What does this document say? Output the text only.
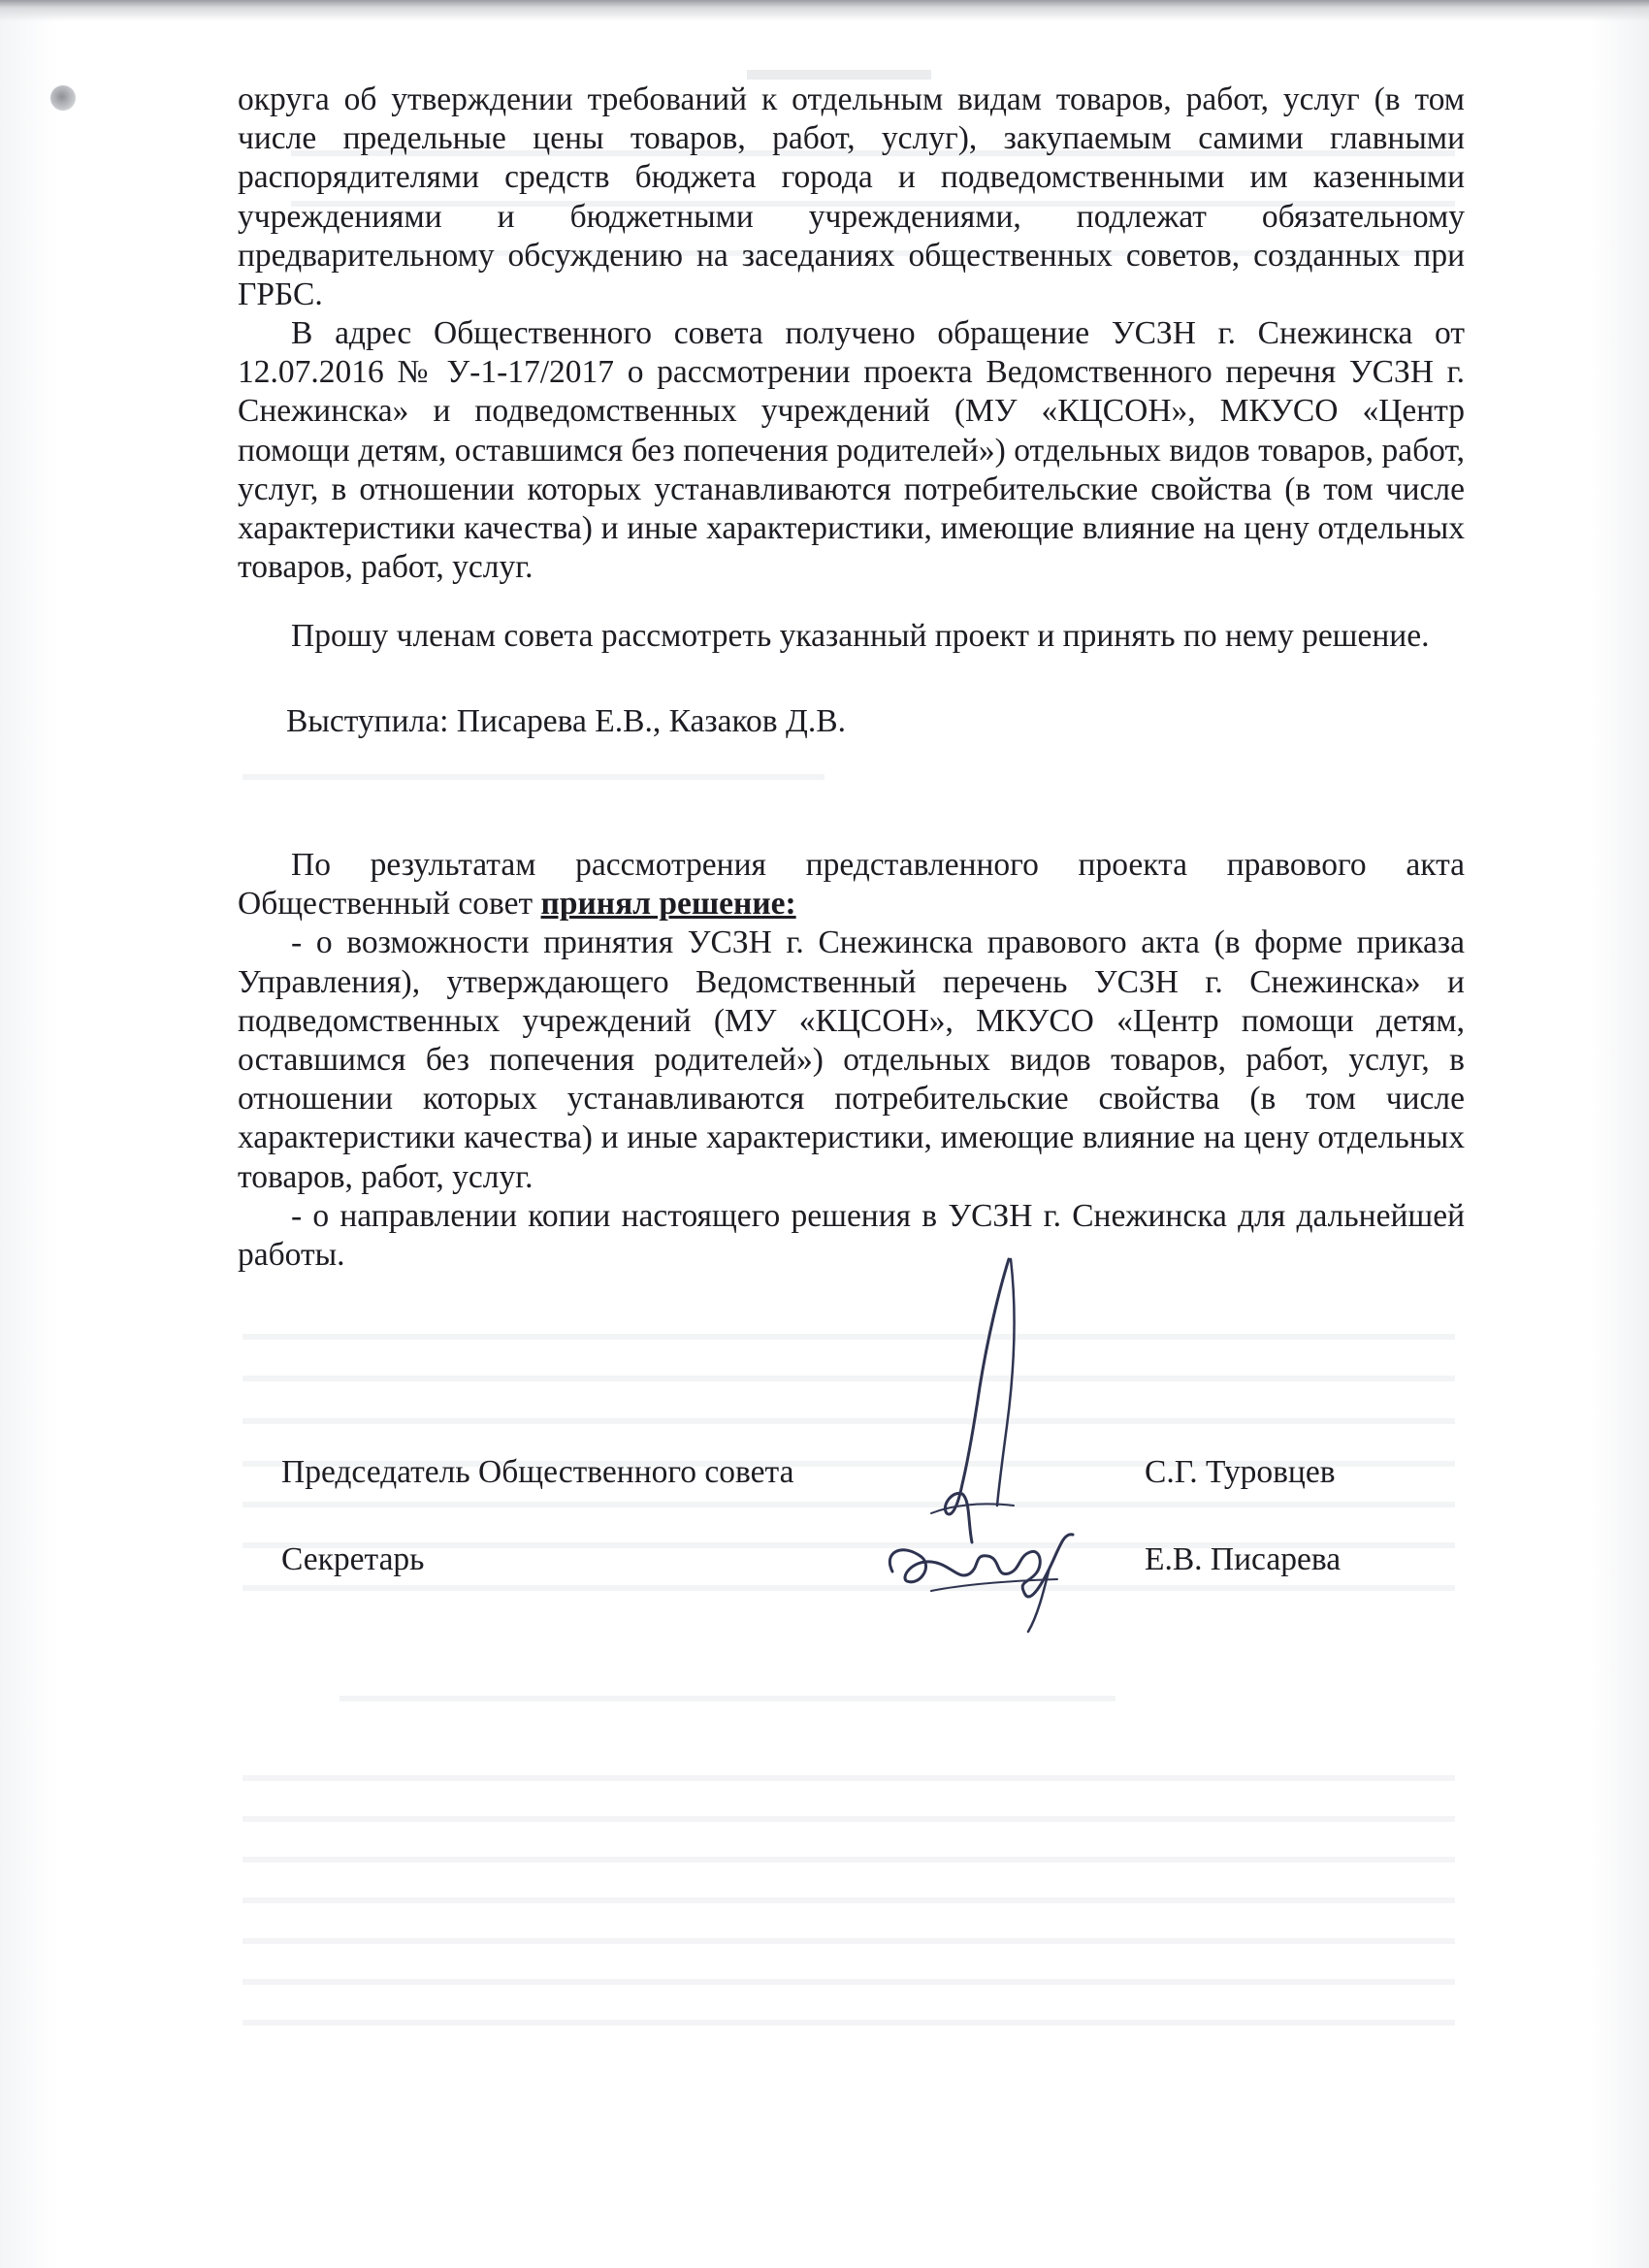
округа об утверждении требований к отдельным видам товаров, работ, услуг (в том числе предельные цены товаров, работ, услуг), закупаемым самими главными распорядителями средств бюджета города и подведомственными им казенными учреждениями и бюджетными учреждениями, подлежат обязательному предварительному обсуждению на заседаниях общественных советов, созданных при ГРБС.

В адрес Общественного совета получено обращение УСЗН г. Снежинска от 12.07.2016 № У-1-17/2017 о рассмотрении проекта Ведомственного перечня УСЗН г. Снежинска» и подведомственных учреждений (МУ «КЦСОН», МКУСО «Центр помощи детям, оставшимся без попечения родителей») отдельных видов товаров, работ, услуг, в отношении которых устанавливаются потребительские свойства (в том числе характеристики качества) и иные характеристики, имеющие влияние на цену отдельных товаров, работ, услуг.

Прошу членам совета рассмотреть указанный проект и принять по нему решение.

Выступила: Писарева Е.В., Казаков Д.В.

По результатам рассмотрения представленного проекта правового акта Общественный совет принял решение:

- о возможности принятия УСЗН г. Снежинска правового акта (в форме приказа Управления), утверждающего Ведомственный перечень УСЗН г. Снежинска» и подведомственных учреждений (МУ «КЦСОН», МКУСО «Центр помощи детям, оставшимся без попечения родителей») отдельных видов товаров, работ, услуг, в отношении которых устанавливаются потребительские свойства (в том числе характеристики качества) и иные характеристики, имеющие влияние на цену отдельных товаров, работ, услуг.

- о направлении копии настоящего решения в УСЗН г. Снежинска для дальнейшей работы.

Председатель Общественного совета	С.Г. Туровцев
Секретарь	Е.В. Писарева
